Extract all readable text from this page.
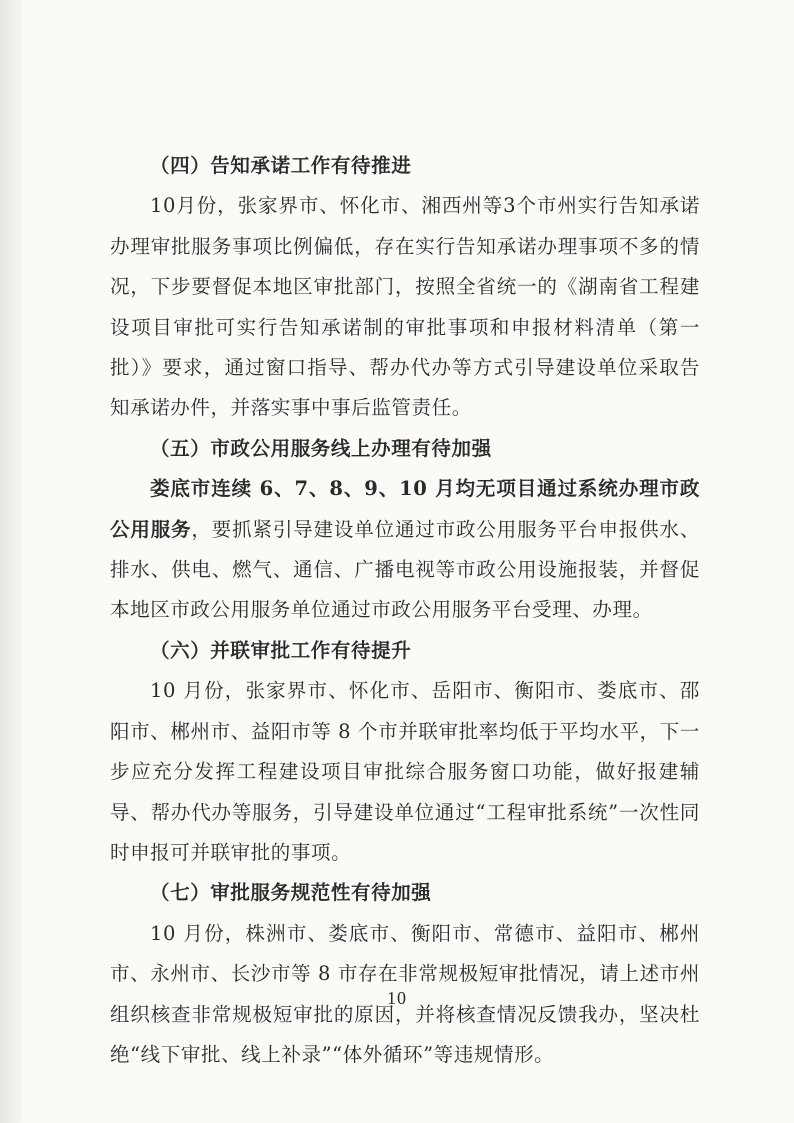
（四）告知承诺工作有待推进

10月份，张家界市、怀化市、湘西州等3个市州实行告知承诺办理审批服务事项比例偏低，存在实行告知承诺办理事项不多的情况，下步要督促本地区审批部门，按照全省统一的《湖南省工程建设项目审批可实行告知承诺制的审批事项和申报材料清单（第一批）》要求，通过窗口指导、帮办代办等方式引导建设单位采取告知承诺办件，并落实事中事后监管责任。

（五）市政公用服务线上办理有待加强

娄底市连续 6、7、8、9、10 月均无项目通过系统办理市政公用服务，要抓紧引导建设单位通过市政公用服务平台申报供水、排水、供电、燃气、通信、广播电视等市政公用设施报装，并督促本地区市政公用服务单位通过市政公用服务平台受理、办理。

（六）并联审批工作有待提升

10 月份，张家界市、怀化市、岳阳市、衡阳市、娄底市、邵阳市、郴州市、益阳市等 8 个市并联审批率均低于平均水平，下一步应充分发挥工程建设项目审批综合服务窗口功能，做好报建辅导、帮办代办等服务，引导建设单位通过“工程审批系统”一次性同时申报可并联审批的事项。

（七）审批服务规范性有待加强

10 月份，株洲市、娄底市、衡阳市、常德市、益阳市、郴州市、永州市、长沙市等 8 市存在非常规极短审批情况，请上述市州组织核查非常规极短审批的原因，并将核查情况反馈我办，坚决杜绝“线下审批、线上补录”“体外循环”等违规情形。

10
